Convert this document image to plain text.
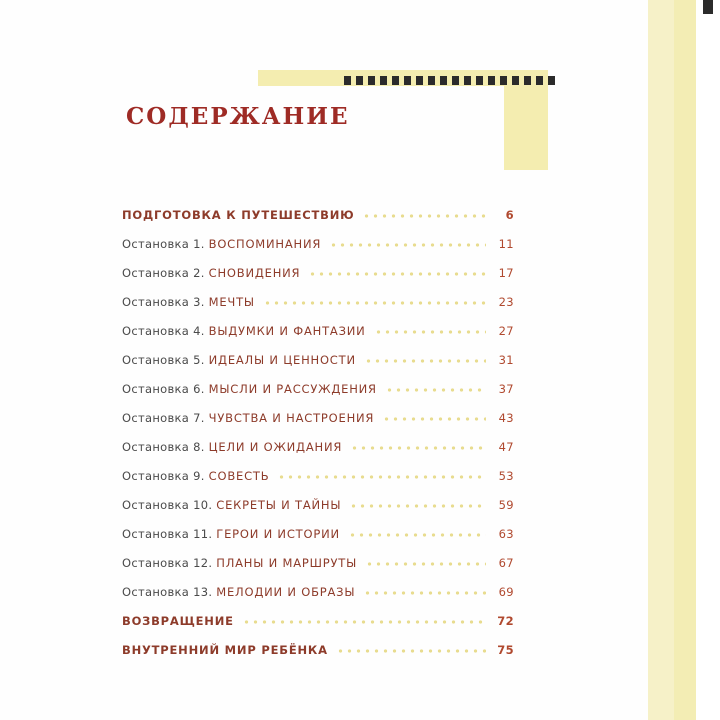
СОДЕРЖАНИЕ
ПОДГОТОВКА К ПУТЕШЕСТВИЮ	6
Остановка 1. ВОСПОМИНАНИЯ	11
Остановка 2. СНОВИДЕНИЯ	17
Остановка 3. МЕЧТЫ	23
Остановка 4. ВЫДУМКИ И ФАНТАЗИИ	27
Остановка 5. ИДЕАЛЫ И ЦЕННОСТИ	31
Остановка 6. МЫСЛИ И РАССУЖДЕНИЯ	37
Остановка 7. ЧУВСТВА И НАСТРОЕНИЯ	43
Остановка 8. ЦЕЛИ И ОЖИДАНИЯ	47
Остановка 9. СОВЕСТЬ	53
Остановка 10. СЕКРЕТЫ И ТАЙНЫ	59
Остановка 11. ГЕРОИ И ИСТОРИИ	63
Остановка 12. ПЛАНЫ И МАРШРУТЫ	67
Остановка 13. МЕЛОДИИ И ОБРАЗЫ	69
ВОЗВРАЩЕНИЕ	72
ВНУТРЕННИЙ МИР РЕБЁНКА	75
